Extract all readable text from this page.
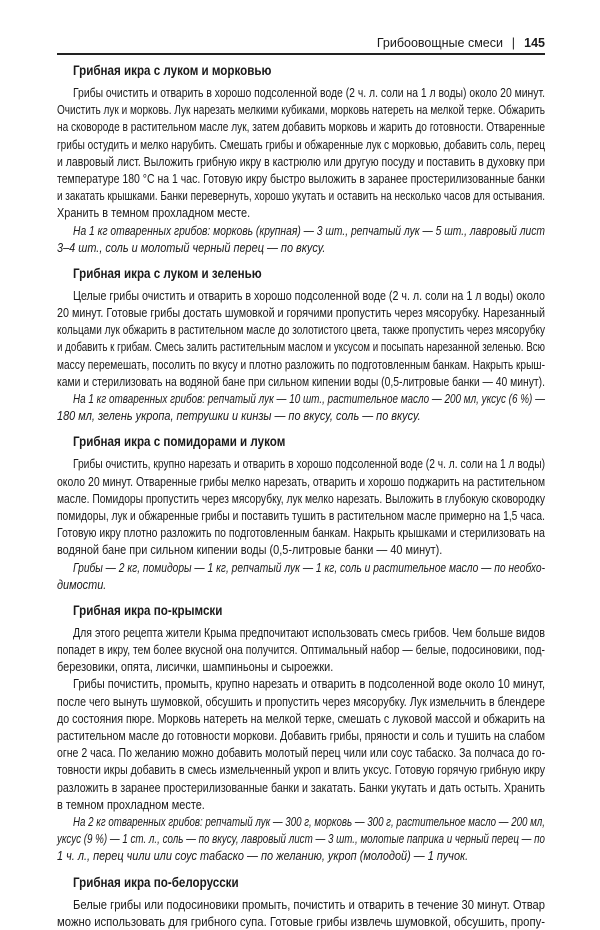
Грибоовощные смеси | 145
Грибная икра с луком и морковью
Грибы очистить и отварить в хорошо подсоленной воде (2 ч. л. соли на 1 л воды) около 20 минут.
Очистить лук и морковь. Лук нарезать мелкими кубиками, морковь натереть на мелкой терке. Обжарить
на сковороде в растительном масле лук, затем добавить морковь и жарить до готовности. Отваренные
грибы остудить и мелко нарубить. Смешать грибы и обжаренные лук с морковью, добавить соль, перец
и лавровый лист. Выложить грибную икру в кастрюлю или другую посуду и поставить в духовку при
температуре 180 °С на 1 час. Готовую икру быстро выложить в заранее простерилизованные банки
и закатать крышками. Банки перевернуть, хорошо укутать и оставить на несколько часов для остывания.
Хранить в темном прохладном месте.
На 1 кг отваренных грибов: морковь (крупная) — 3 шт., репчатый лук — 5 шт., лавровый лист
3–4 шт., соль и молотый черный перец — по вкусу.
Грибная икра с луком и зеленью
Целые грибы очистить и отварить в хорошо подсоленной воде (2 ч. л. соли на 1 л воды) около
20 минут. Готовые грибы достать шумовкой и горячими пропустить через мясорубку. Нарезанный
кольцами лук обжарить в растительном масле до золотистого цвета, также пропустить через мясорубку
и добавить к грибам. Смесь залить растительным маслом и уксусом и посыпать нарезанной зеленью. Всю
массу перемешать, посолить по вкусу и плотно разложить по подготовленным банкам. Накрыть крыш-
ками и стерилизовать на водяной бане при сильном кипении воды (0,5-литровые банки — 40 минут).
На 1 кг отваренных грибов: репчатый лук — 10 шт., растительное масло — 200 мл, уксус (6 %) —
180 мл, зелень укропа, петрушки и кинзы — по вкусу, соль — по вкусу.
Грибная икра с помидорами и луком
Грибы очистить, крупно нарезать и отварить в хорошо подсоленной воде (2 ч. л. соли на 1 л воды)
около 20 минут. Отваренные грибы мелко нарезать, отварить и хорошо поджарить на растительном
масле. Помидоры пропустить через мясорубку, лук мелко нарезать. Выложить в глубокую сковородку
помидоры, лук и обжаренные грибы и поставить тушить в растительном масле примерно на 1,5 часа.
Готовую икру плотно разложить по подготовленным банкам. Накрыть крышками и стерилизовать на
водяной бане при сильном кипении воды (0,5-литровые банки — 40 минут).
Грибы — 2 кг, помидоры — 1 кг, репчатый лук — 1 кг, соль и растительное масло — по необхо-
димости.
Грибная икра по-крымски
Для этого рецепта жители Крыма предпочитают использовать смесь грибов. Чем больше видов
попадет в икру, тем более вкусной она получится. Оптимальный набор — белые, подосиновики, под-
березовики, опята, лисички, шампиньоны и сыроежки.
Грибы почистить, промыть, крупно нарезать и отварить в подсоленной воде около 10 минут,
после чего вынуть шумовкой, обсушить и пропустить через мясорубку. Лук измельчить в блендере
до состояния пюре. Морковь натереть на мелкой терке, смешать с луковой массой и обжарить на
растительном масле до готовности моркови. Добавить грибы, пряности и соль и тушить на слабом
огне 2 часа. По желанию можно добавить молотый перец чили или соус табаско. За полчаса до го-
товности икры добавить в смесь измельченный укроп и влить уксус. Готовую горячую грибную икру
разложить в заранее простерилизованные банки и закатать. Банки укутать и дать остыть. Хранить
в темном прохладном месте.
На 2 кг отваренных грибов: репчатый лук — 300 г, морковь — 300 г, растительное масло — 200 мл,
уксус (9 %) — 1 ст. л., соль — по вкусу, лавровый лист — 3 шт., молотые паприка и черный перец — по
1 ч. л., перец чили или соус табаско — по желанию, укроп (молодой) — 1 пучок.
Грибная икра по-белорусски
Белые грибы или подосиновики промыть, почистить и отварить в течение 30 минут. Отвар
можно использовать для грибного супа. Готовые грибы извлечь шумовкой, обсушить, пропу-
